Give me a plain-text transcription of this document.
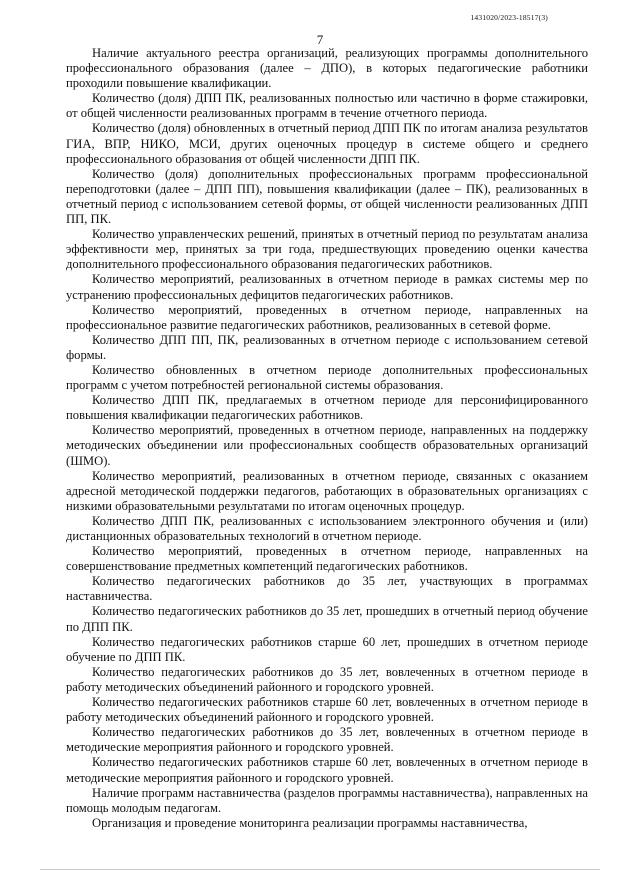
1431020/2023-18517(3)
7

Наличие актуального реестра организаций, реализующих программы дополнительного профессионального образования (далее – ДПО), в которых педагогические работники проходили повышение квалификации.

Количество (доля) ДПП ПК, реализованных полностью или частично в форме стажировки, от общей численности реализованных программ в течение отчетного периода.

Количество (доля) обновленных в отчетный период ДПП ПК по итогам анализа результатов ГИА, ВПР, НИКО, МСИ, других оценочных процедур в системе общего и среднего профессионального образования от общей численности ДПП ПК.

Количество (доля) дополнительных профессиональных программ профессиональной переподготовки (далее – ДПП ПП), повышения квалификации (далее – ПК), реализованных в отчетный период с использованием сетевой формы, от общей численности реализованных ДПП ПП, ПК.

Количество управленческих решений, принятых в отчетный период по результатам анализа эффективности мер, принятых за три года, предшествующих проведению оценки качества дополнительного профессионального образования педагогических работников.

Количество мероприятий, реализованных в отчетном периоде в рамках системы мер по устранению профессиональных дефицитов педагогических работников.

Количество мероприятий, проведенных в отчетном периоде, направленных на профессиональное развитие педагогических работников, реализованных в сетевой форме.

Количество ДПП ПП, ПК, реализованных в отчетном периоде с использованием сетевой формы.

Количество обновленных в отчетном периоде дополнительных профессиональных программ с учетом потребностей региональной системы образования.

Количество ДПП ПК, предлагаемых в отчетном периоде для персонифицированного повышения квалификации педагогических работников.

Количество мероприятий, проведенных в отчетном периоде, направленных на поддержку методических объединении или профессиональных сообществ образовательных организаций (ШМО).

Количество мероприятий, реализованных в отчетном периоде, связанных с оказанием адресной методической поддержки педагогов, работающих в образовательных организациях с низкими образовательными результатами по итогам оценочных процедур.

Количество ДПП ПК, реализованных с использованием электронного обучения и (или) дистанционных образовательных технологий в отчетном периоде.

Количество мероприятий, проведенных в отчетном периоде, направленных на совершенствование предметных компетенций педагогических работников.

Количество педагогических работников до 35 лет, участвующих в программах наставничества.

Количество педагогических работников до 35 лет, прошедших в отчетный период обучение по ДПП ПК.

Количество педагогических работников старше 60 лет, прошедших в отчетном периоде обучение по ДПП ПК.

Количество педагогических работников до 35 лет, вовлеченных в отчетном периоде в работу методических объединений районного и городского уровней.

Количество педагогических работников старше 60 лет, вовлеченных в отчетном периоде в работу методических объединений районного и городского уровней.

Количество педагогических работников до 35 лет, вовлеченных в отчетном периоде в методические мероприятия районного и городского уровней.

Количество педагогических работников старше 60 лет, вовлеченных в отчетном периоде в методические мероприятия районного и городского уровней.

Наличие программ наставничества (разделов программы наставничества), направленных на помощь молодым педагогам.

Организация и проведение мониторинга реализации программы наставничества,
